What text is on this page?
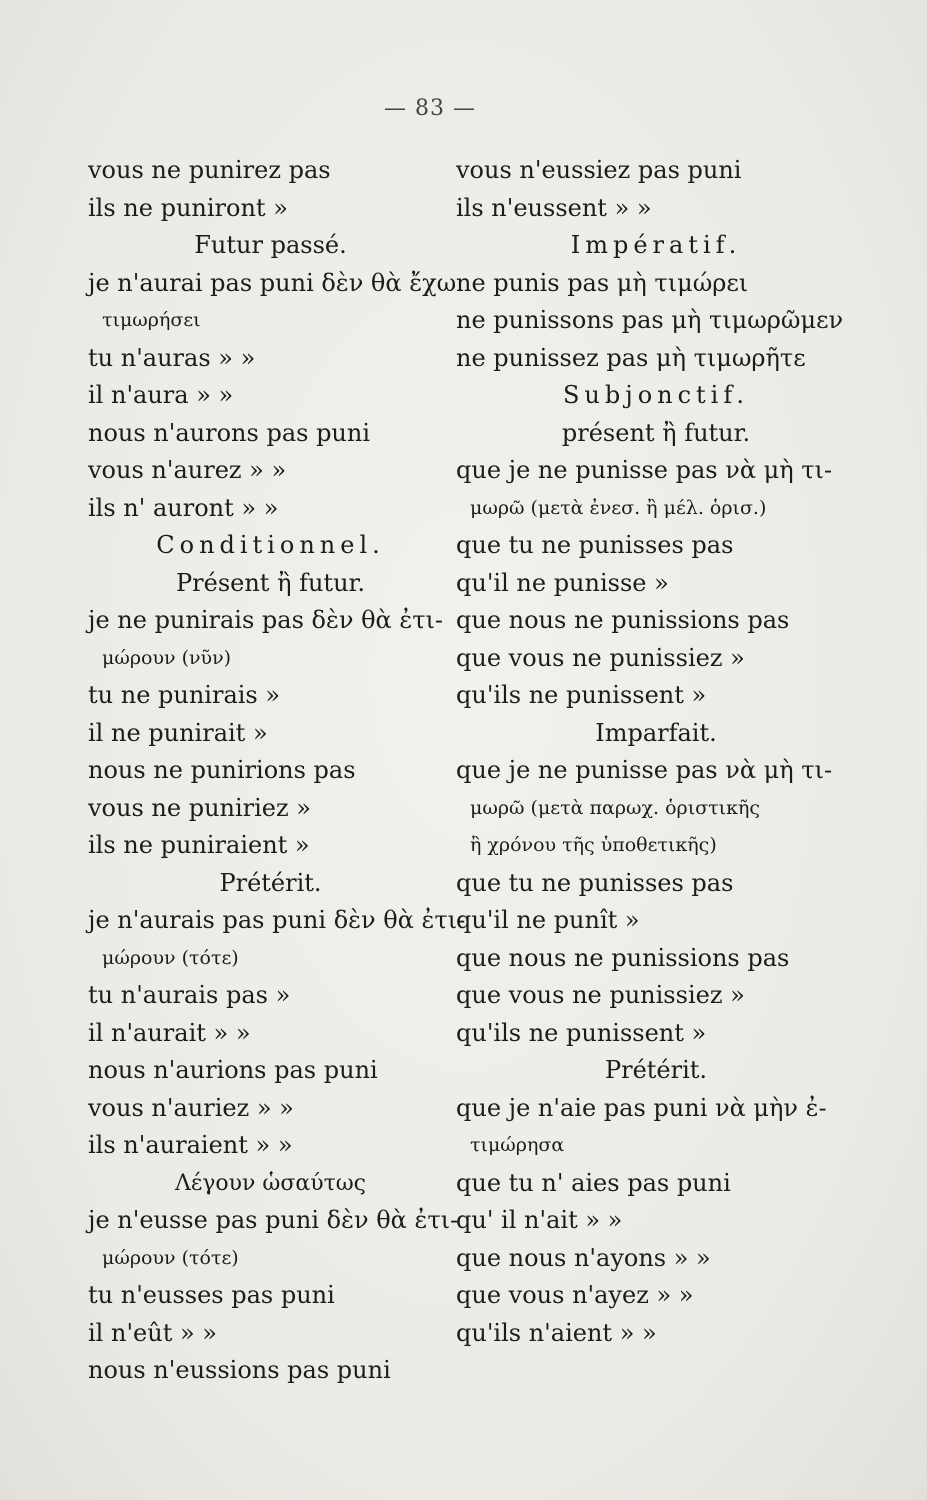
— 83 —
vous ne punirez pas
ils ne puniront »
Futur passé.
je n'aurai pas puni δὲν θὰ ἔχω
τιμωρήσει
tu n'auras » »
il n'aura » »
nous n'aurons pas puni
vous n'aurez » »
ils n' auront » »
Conditionnel.
Présent ἢ futur.
je ne punirais pas δὲν θὰ ἐτι-
μώρουν (νῦν)
tu ne punirais »
il ne punirait »
nous ne punirions pas
vous ne puniriez »
ils ne puniraient »
Prétérit.
je n'aurais pas puni δὲν θὰ ἐτι-
μώρουν (τότε)
tu n'aurais pas »
il n'aurait » »
nous n'aurions pas puni
vous n'auriez » »
ils n'auraient » »
Λέγουν ὡσαύτως
je n'eusse pas puni δὲν θὰ ἐτι-
μώρουν (τότε)
tu n'eusses pas puni
il n'eût » »
nous n'eussions pas puni
vous n'eussiez pas puni
ils n'eussent » »
Impératif.
ne punis pas μὴ τιμώρει
ne punissons pas μὴ τιμωρῶμεν
ne punissez pas μὴ τιμωρῆτε
Subjonctif.
présent ἢ futur.
que je ne punisse pas νὰ μὴ τι-
μωρῶ (μετὰ ἐνεσ. ἢ μέλ. ὁρισ.)
que tu ne punisses pas
qu'il ne punisse »
que nous ne punissions pas
que vous ne punissiez »
qu'ils ne punissent »
Imparfait.
que je ne punisse pas νὰ μὴ τι-
μωρῶ (μετὰ παρωχ. ὁριστικῆς
ἢ χρόνου τῆς ὑποθετικῆς)
que tu ne punisses pas
qu'il ne punît »
que nous ne punissions pas
que vous ne punissiez »
qu'ils ne punissent »
Prétérit.
que je n'aie pas puni νὰ μὴν ἐ-
τιμώρησα
que tu n' aies pas puni
qu' il n'ait » »
que nous n'ayons » »
que vous n'ayez » »
qu'ils n'aient » »
